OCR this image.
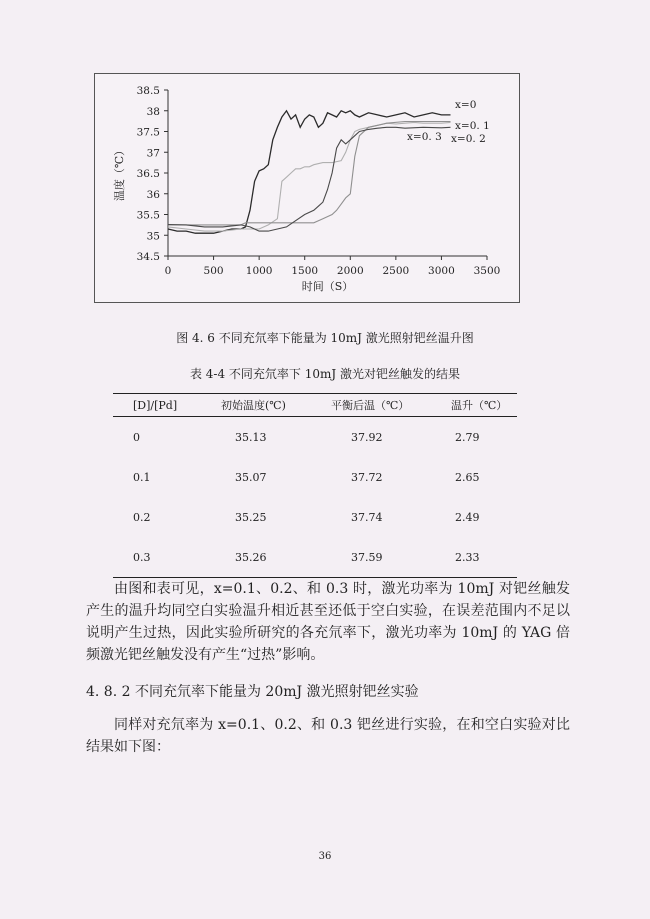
34.5
35
35.5
36
36.5
37
37.5
38
38.5
0	500 1000 1500 2000 2500 3000 3500
x=0
x=0. 1
x=0. 3 x=0. 2
温度（℃）
时间（S）
图 4. 6 不同充氘率下能量为 10mJ 激光照射钯丝温升图
表 4-4 不同充氘率下 10mJ 激光对钯丝触发的结果
[D]/[Pd]	初始温度(℃)	平衡后温（℃）	温升（℃）
0	35.13	37.92	2.79
0.1	35.07	37.72	2.65
0.2	35.25	37.74	2.49
0.3	35.26	37.59	2.33

由图和表可见，x=0.1、0.2、和 0.3 时，激光功率为 10mJ 对钯丝触发产生的温升均同空白实验温升相近甚至还低于空白实验，在误差范围内不足以说明产生过热，因此实验所研究的各充氘率下，激光功率为 10mJ 的 YAG 倍频激光钯丝触发没有产生“过热”影响。

4. 8. 2 不同充氘率下能量为 20mJ 激光照射钯丝实验

同样对充氘率为 x=0.1、0.2、和 0.3 钯丝进行实验，在和空白实验对比结果如下图：

36
